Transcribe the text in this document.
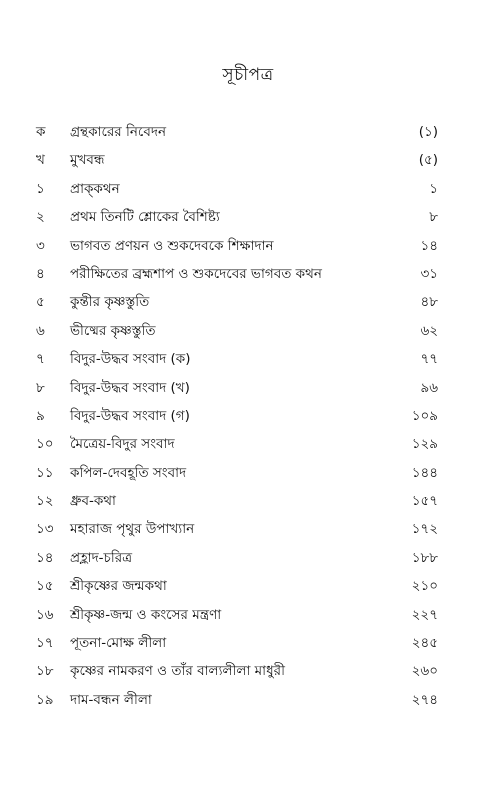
সূচীপত্র
ক	গ্রন্থকারের নিবেদন	(১)
খ	মুখবন্ধ	(৫)
১	প্রাক্‌কথন	১
২	প্রথম তিনটি শ্লোকের বৈশিষ্ট্য	৮
৩	ভাগবত প্রণয়ন ও শুকদেবকে শিক্ষাদান	১৪
৪	পরীক্ষিতের ব্রহ্মশাপ ও শুকদেবের ভাগবত কথন	৩১
৫	কুন্তীর কৃষ্ণস্তুতি	৪৮
৬	ভীষ্মের কৃষ্ণস্তুতি	৬২
৭	বিদুর-উদ্ধব সংবাদ (ক)	৭৭
৮	বিদুর-উদ্ধব সংবাদ (খ)	৯৬
৯	বিদুর-উদ্ধব সংবাদ (গ)	১০৯
১০	মৈত্রেয়-বিদুর সংবাদ	১২৯
১১	কপিল-দেবহূতি সংবাদ	১৪৪
১২	ধ্রুব-কথা	১৫৭
১৩	মহারাজ পৃথুর উপাখ্যান	১৭২
১৪	প্রহ্লাদ-চরিত্র	১৮৮
১৫	শ্রীকৃষ্ণের জন্মকথা	২১০
১৬	শ্রীকৃষ্ণ-জন্ম ও কংসের মন্ত্রণা	২২৭
১৭	পূতনা-মোক্ষ লীলা	২৪৫
১৮	কৃষ্ণের নামকরণ ও তাঁর বাল্যলীলা মাধুরী	২৬০
১৯	দাম-বন্ধন লীলা	২৭৪
